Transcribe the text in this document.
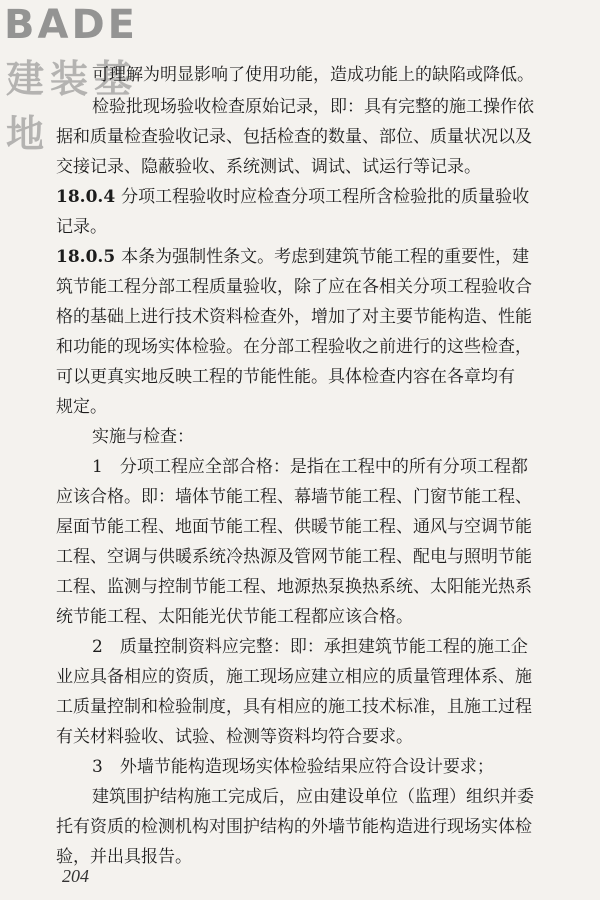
BADE
建装基地
可理解为明显影响了使用功能，造成功能上的缺陷或降低。
检验批现场验收检查原始记录，即：具有完整的施工操作依
据和质量检查验收记录、包括检查的数量、部位、质量状况以及
交接记录、隐蔽验收、系统测试、调试、试运行等记录。
18.0.4 分项工程验收时应检查分项工程所含检验批的质量验收
记录。
18.0.5 本条为强制性条文。考虑到建筑节能工程的重要性，建
筑节能工程分部工程质量验收，除了应在各相关分项工程验收合
格的基础上进行技术资料检查外，增加了对主要节能构造、性能
和功能的现场实体检验。在分部工程验收之前进行的这些检查，
可以更真实地反映工程的节能性能。具体检查内容在各章均有
规定。
实施与检查：
1　分项工程应全部合格：是指在工程中的所有分项工程都
应该合格。即：墙体节能工程、幕墙节能工程、门窗节能工程、
屋面节能工程、地面节能工程、供暖节能工程、通风与空调节能
工程、空调与供暖系统冷热源及管网节能工程、配电与照明节能
工程、监测与控制节能工程、地源热泵换热系统、太阳能光热系
统节能工程、太阳能光伏节能工程都应该合格。
2　质量控制资料应完整：即：承担建筑节能工程的施工企
业应具备相应的资质，施工现场应建立相应的质量管理体系、施
工质量控制和检验制度，具有相应的施工技术标准，且施工过程
有关材料验收、试验、检测等资料均符合要求。
3　外墙节能构造现场实体检验结果应符合设计要求；
建筑围护结构施工完成后，应由建设单位（监理）组织并委
托有资质的检测机构对围护结构的外墙节能构造进行现场实体检
验，并出具报告。
204
